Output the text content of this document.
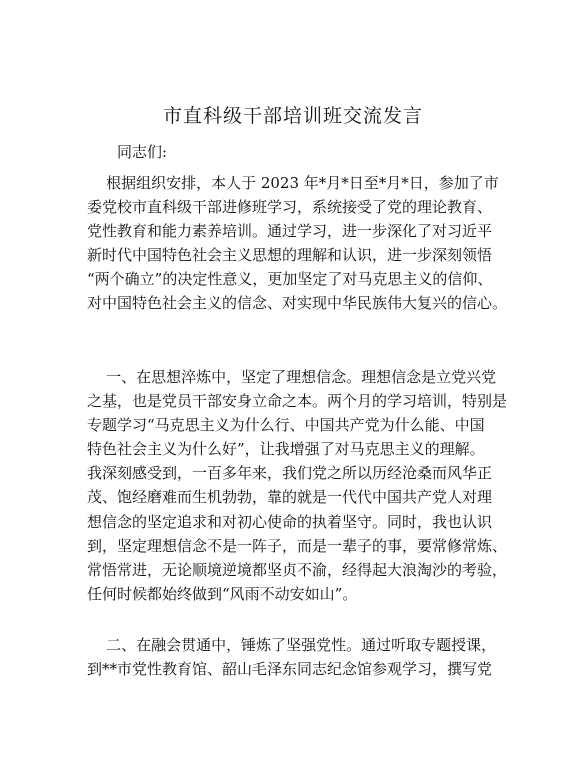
市直科级干部培训班交流发言
同志们:
根据组织安排，本人于 2023 年*月*日至*月*日，参加了市
委党校市直科级干部进修班学习，系统接受了党的理论教育、
党性教育和能力素养培训。通过学习，进一步深化了对习近平
新时代中国特色社会主义思想的理解和认识，进一步深刻领悟
“两个确立”的决定性意义，更加坚定了对马克思主义的信仰、
对中国特色社会主义的信念、对实现中华民族伟大复兴的信心。
一、在思想淬炼中，坚定了理想信念。理想信念是立党兴党
之基，也是党员干部安身立命之本。两个月的学习培训，特别是
专题学习“马克思主义为什么行、中国共产党为什么能、中国
特色社会主义为什么好”，让我增强了对马克思主义的理解。
我深刻感受到，一百多年来，我们党之所以历经沧桑而风华正
茂、饱经磨难而生机勃勃，靠的就是一代代中国共产党人对理
想信念的坚定追求和对初心使命的执着坚守。同时，我也认识
到，坚定理想信念不是一阵子，而是一辈子的事，要常修常炼、
常悟常进，无论顺境逆境都坚贞不渝，经得起大浪淘沙的考验，
任何时候都始终做到“风雨不动安如山”。
二、在融会贯通中，锤炼了坚强党性。通过听取专题授课，
到**市党性教育馆、韶山毛泽东同志纪念馆参观学习，撰写党
